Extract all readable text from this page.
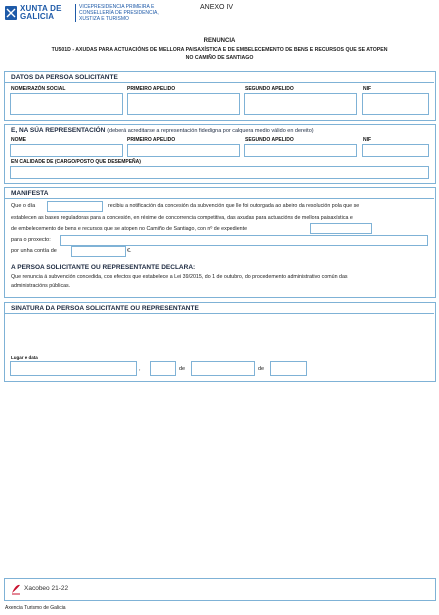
XUNTA DE GALICIA
VICEPRESIDENCIA PRIMEIRA E
CONSELLERÍA DE PRESIDENCIA,
XUSTIZA E TURISMO
ANEXO IV
RENUNCIA
TU501D - AXUDAS PARA ACTUACIÓNS DE MELLORA PAISAXÍSTICA E DE EMBELECEMENTO DE BENS E RECURSOS QUE SE ATOPEN
NO CAMIÑO DE SANTIAGO
DATOS DA PERSOA SOLICITANTE
NOME/RAZÓN SOCIAL	PRIMEIRO APELIDO	SEGUNDO APELIDO	NIF
E, NA SÚA REPRESENTACIÓN (deberá acreditarse a representación fidedigna por calquera medio válido en dereito)
NOME	PRIMEIRO APELIDO	SEGUNDO APELIDO	NIF
EN CALIDADE DE (CARGO/POSTO QUE DESEMPEÑA)
MANIFESTA
Que o día	recibiu a notificación da concesión da subvención que lle foi outorgada ao abeiro da resolución pola que se
establecen as bases reguladoras para a concesión, en réxime de concorrencia competitiva, das axudas para actuacións de mellora paisaxística e
de embelecemento de bens e recursos que se atopen no Camiño de Santiago, con nº de expediente
para o proxecto:
por unha contía de	€.
A PERSOA SOLICITANTE OU REPRESENTANTE DECLARA:
Que renuncia á subvención concedida, cos efectos que estabelece a Lei 39/2015, do 1 de outubro, do procedemento administrativo común das
administracións públicas.
SINATURA DA PERSOA SOLICITANTE OU REPRESENTANTE
Lugar e data
,	de	de
Xacobeo 21-22
Axencia Turismo de Galicia
